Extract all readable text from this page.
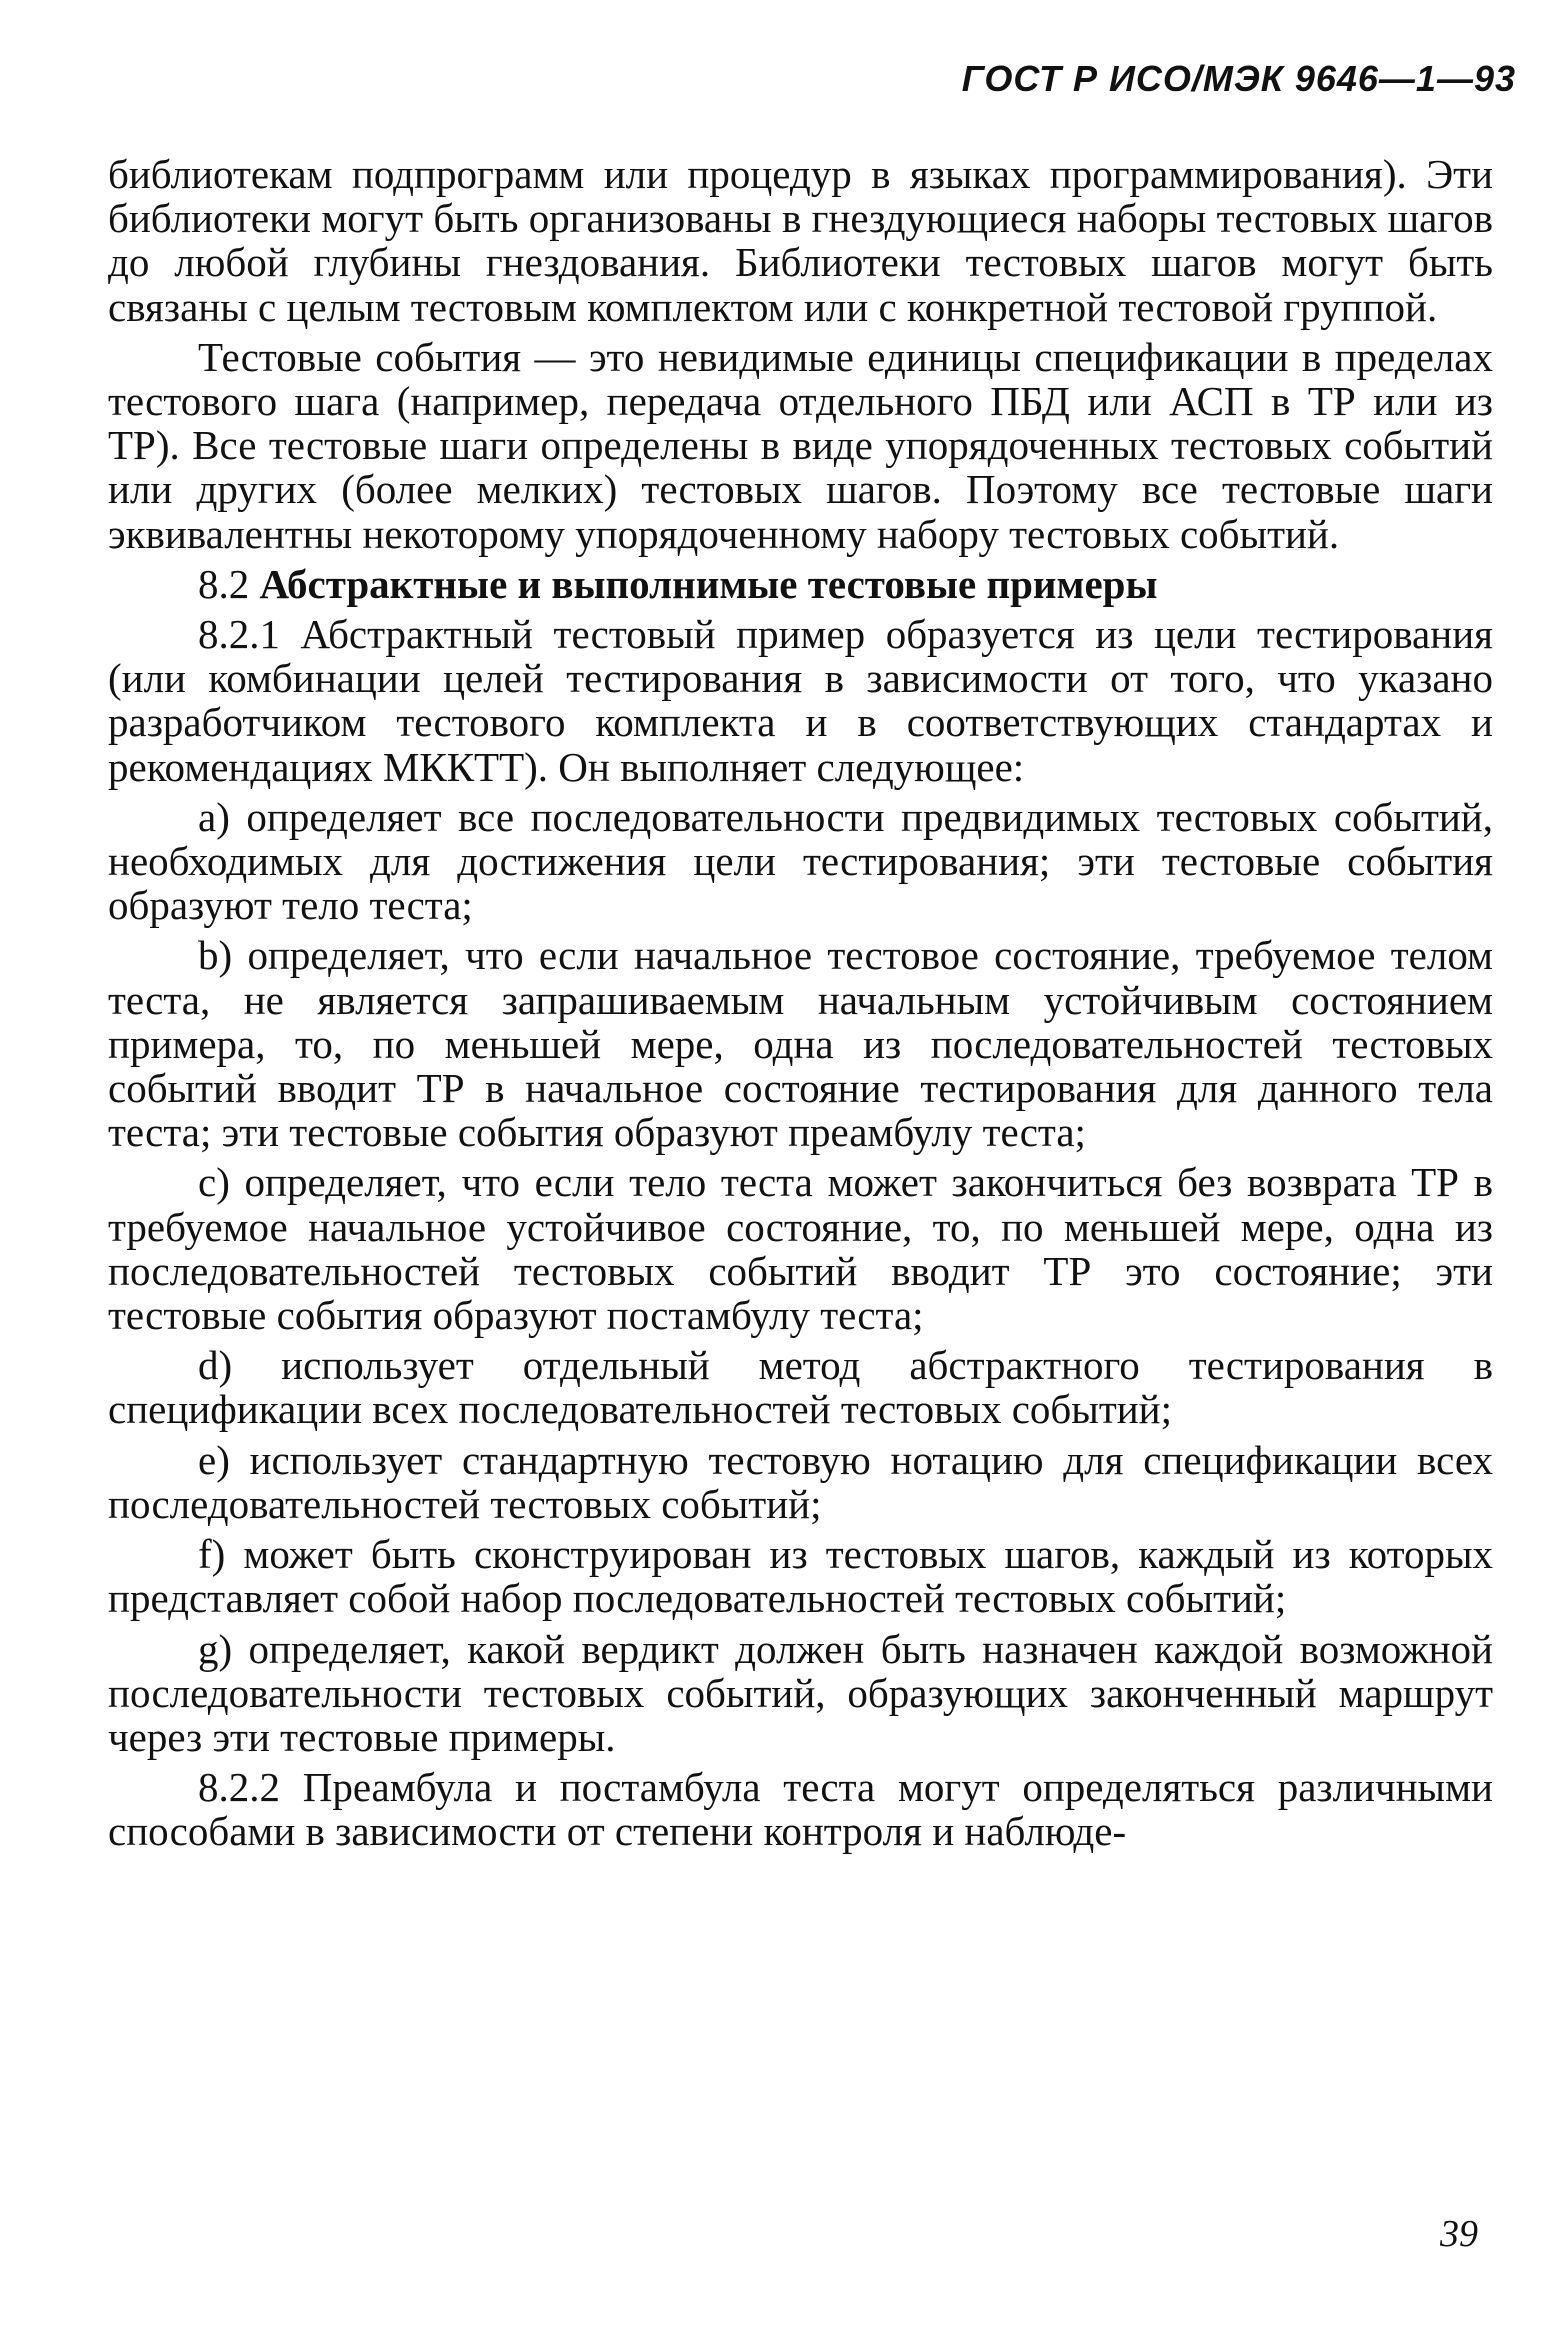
ГОСТ Р ИСО/МЭК 9646—1—93

библиотекам подпрограмм или процедур в языках программирования). Эти библиотеки могут быть организованы в гнездующиеся наборы тестовых шагов до любой глубины гнездования. Библиотеки тестовых шагов могут быть связаны с целым тестовым комплектом или с конкретной тестовой группой.

Тестовые события — это невидимые единицы спецификации в пределах тестового шага (например, передача отдельного ПБД или АСП в ТР или из ТР). Все тестовые шаги определены в виде упорядоченных тестовых событий или других (более мелких) тестовых шагов. Поэтому все тестовые шаги эквивалентны некоторому упорядоченному набору тестовых событий.

8.2 Абстрактные и выполнимые тестовые примеры

8.2.1 Абстрактный тестовый пример образуется из цели тестирования (или комбинации целей тестирования в зависимости от того, что указано разработчиком тестового комплекта и в соответствующих стандартах и рекомендациях МККТТ). Он выполняет следующее:

a) определяет все последовательности предвидимых тестовых событий, необходимых для достижения цели тестирования; эти тестовые события образуют тело теста;

b) определяет, что если начальное тестовое состояние, требуемое телом теста, не является запрашиваемым начальным устойчивым состоянием примера, то, по меньшей мере, одна из последовательностей тестовых событий вводит ТР в начальное состояние тестирования для данного тела теста; эти тестовые события образуют преамбулу теста;

c) определяет, что если тело теста может закончиться без возврата ТР в требуемое начальное устойчивое состояние, то, по меньшей мере, одна из последовательностей тестовых событий вводит ТР это состояние; эти тестовые события образуют постамбулу теста;

d) использует отдельный метод абстрактного тестирования в спецификации всех последовательностей тестовых событий;

e) использует стандартную тестовую нотацию для спецификации всех последовательностей тестовых событий;

f) может быть сконструирован из тестовых шагов, каждый из которых представляет собой набор последовательностей тестовых событий;

g) определяет, какой вердикт должен быть назначен каждой возможной последовательности тестовых событий, образующих законченный маршрут через эти тестовые примеры.

8.2.2 Преамбула и постамбула теста могут определяться различными способами в зависимости от степени контроля и наблюде-

39
